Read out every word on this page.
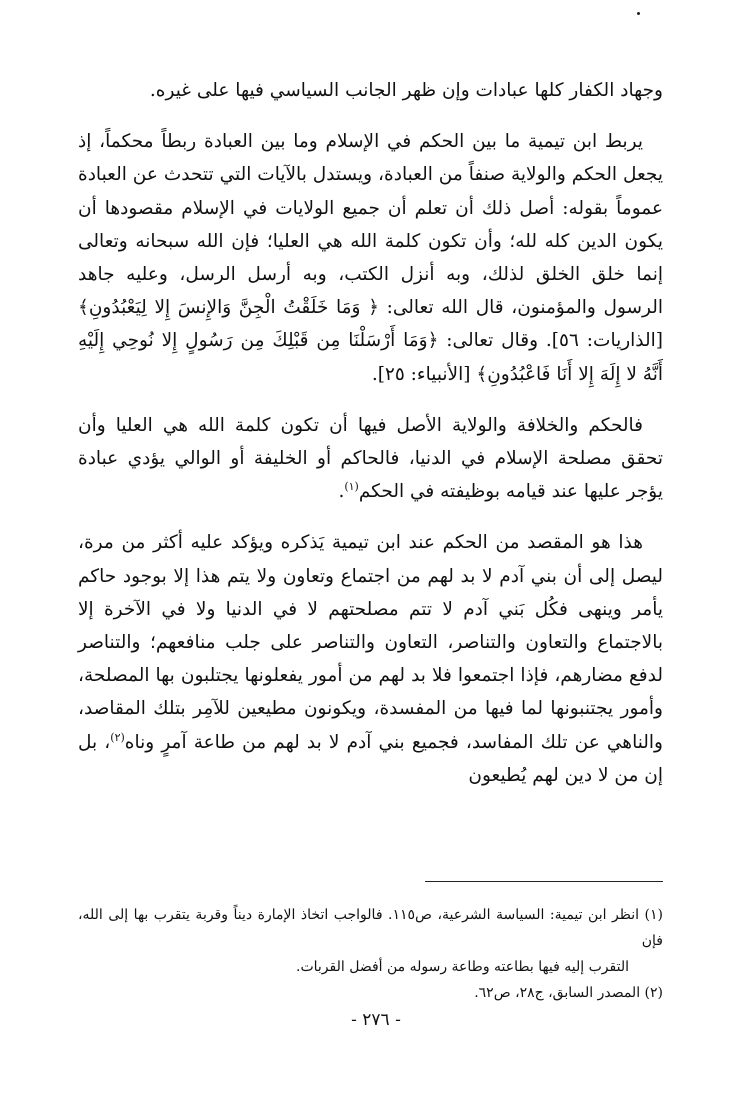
وجهاد الكفار كلها عبادات وإن ظهر الجانب السياسي فيها على غيره.

يربط ابن تيمية ما بين الحكم في الإسلام وما بين العبادة ربطاً محكماً، إذ يجعل الحكم والولاية صنفاً من العبادة، ويستدل بالآيات التي تتحدث عن العبادة عموماً بقوله: أصل ذلك أن تعلم أن جميع الولايات في الإسلام مقصودها أن يكون الدين كله لله؛ وأن تكون كلمة الله هي العليا؛ فإن الله سبحانه وتعالى إنما خلق الخلق لذلك، وبه أنزل الكتب، وبه أرسل الرسل، وعليه جاهد الرسول والمؤمنون، قال الله تعالى: ﴿ وَمَا خَلَقْتُ الْجِنَّ وَالإِنسَ إِلا لِيَعْبُدُونِ﴾[الذاريات: ٥٦]. وقال تعالى: ﴿وَمَا أَرْسَلْنَا مِن قَبْلِكَ مِن رَسُولٍ إِلا نُوحِي إِلَيْهِ أَنَّهُ لا إِلَهَ إِلا أَنَا فَاعْبُدُونِ﴾ [الأنبياء: ٢٥].

فالحكم والخلافة والولاية الأصل فيها أن تكون كلمة الله هي العليا وأن تحقق مصلحة الإسلام في الدنيا، فالحاكم أو الخليفة أو الوالي يؤدي عبادة يؤجر عليها عند قيامه بوظيفته في الحكم$^{(١)}$.

هذا هو المقصد من الحكم عند ابن تيمية يَذكره ويؤكد عليه أكثر من مرة، ليصل إلى أن بني آدم لا بد لهم من اجتماع وتعاون ولا يتم هذا إلا بوجود حاكم يأمر وينهى فكُل بَني آدم لا تتم مصلحتهم لا في الدنيا ولا في الآخرة إلا بالاجتماع والتعاون والتناصر، التعاون والتناصر على جلب منافعهم؛ والتناصر لدفع مضارهم، فإذا اجتمعوا فلا بد لهم من أمور يفعلونها يجتلبون بها المصلحة، وأمور يجتنبونها لما فيها من المفسدة، ويكونون مطيعين للآمِر بتلك المقاصد، والناهي عن تلك المفاسد، فجميع بني آدم لا بد لهم من طاعة آمرٍ وناه$^{(٢)}$، بل إن من لا دين لهم يُطيعون

(١) انظر ابن تيمية: السياسة الشرعية، ص١١٥. فالواجب اتخاذ الإمارة ديناً وقربة يتقرب بها إلى الله، فإن
التقرب إليه فيها بطاعته وطاعة رسوله من أفضل القربات.

(٢) المصدر السابق، ج٢٨، ص٦٢.

- ٢٧٦ -
